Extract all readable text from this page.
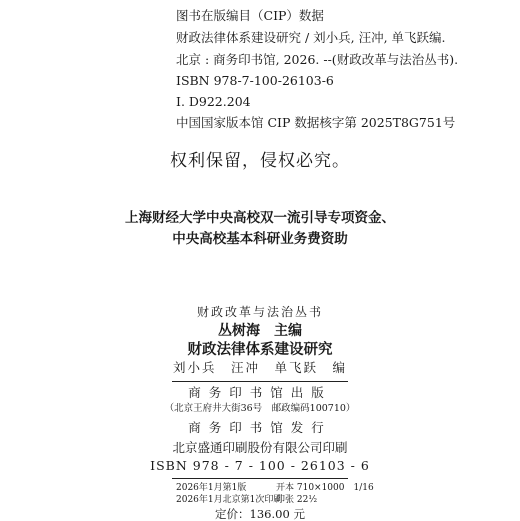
图书在版编目（CIP）数据
财政法律体系建设研究 / 刘小兵, 汪冲, 单飞跃编.
北京 : 商务印书馆, 2026. --(财政改革与法治丛书).
ISBN 978-7-100-26103-6
Ⅰ. D922.204
中国国家版本馆 CIP 数据核字第 2025T8G751号
权利保留，侵权必究。
上海财经大学中央高校双一流引导专项资金、
中央高校基本科研业务费资助
财政改革与法治丛书
丛树海　主编
财政法律体系建设研究
刘小兵　汪冲　单飞跃　编
商务印书馆出版
（北京王府井大街36号　邮政编码100710）
商务印书馆发行
北京盛通印刷股份有限公司印刷
ISBN 978 - 7 - 100 - 26103 - 6
2026年1月第1版	开本 710×1000　1/16
2026年1月北京第1次印刷
印张 22½
定价：136.00 元
